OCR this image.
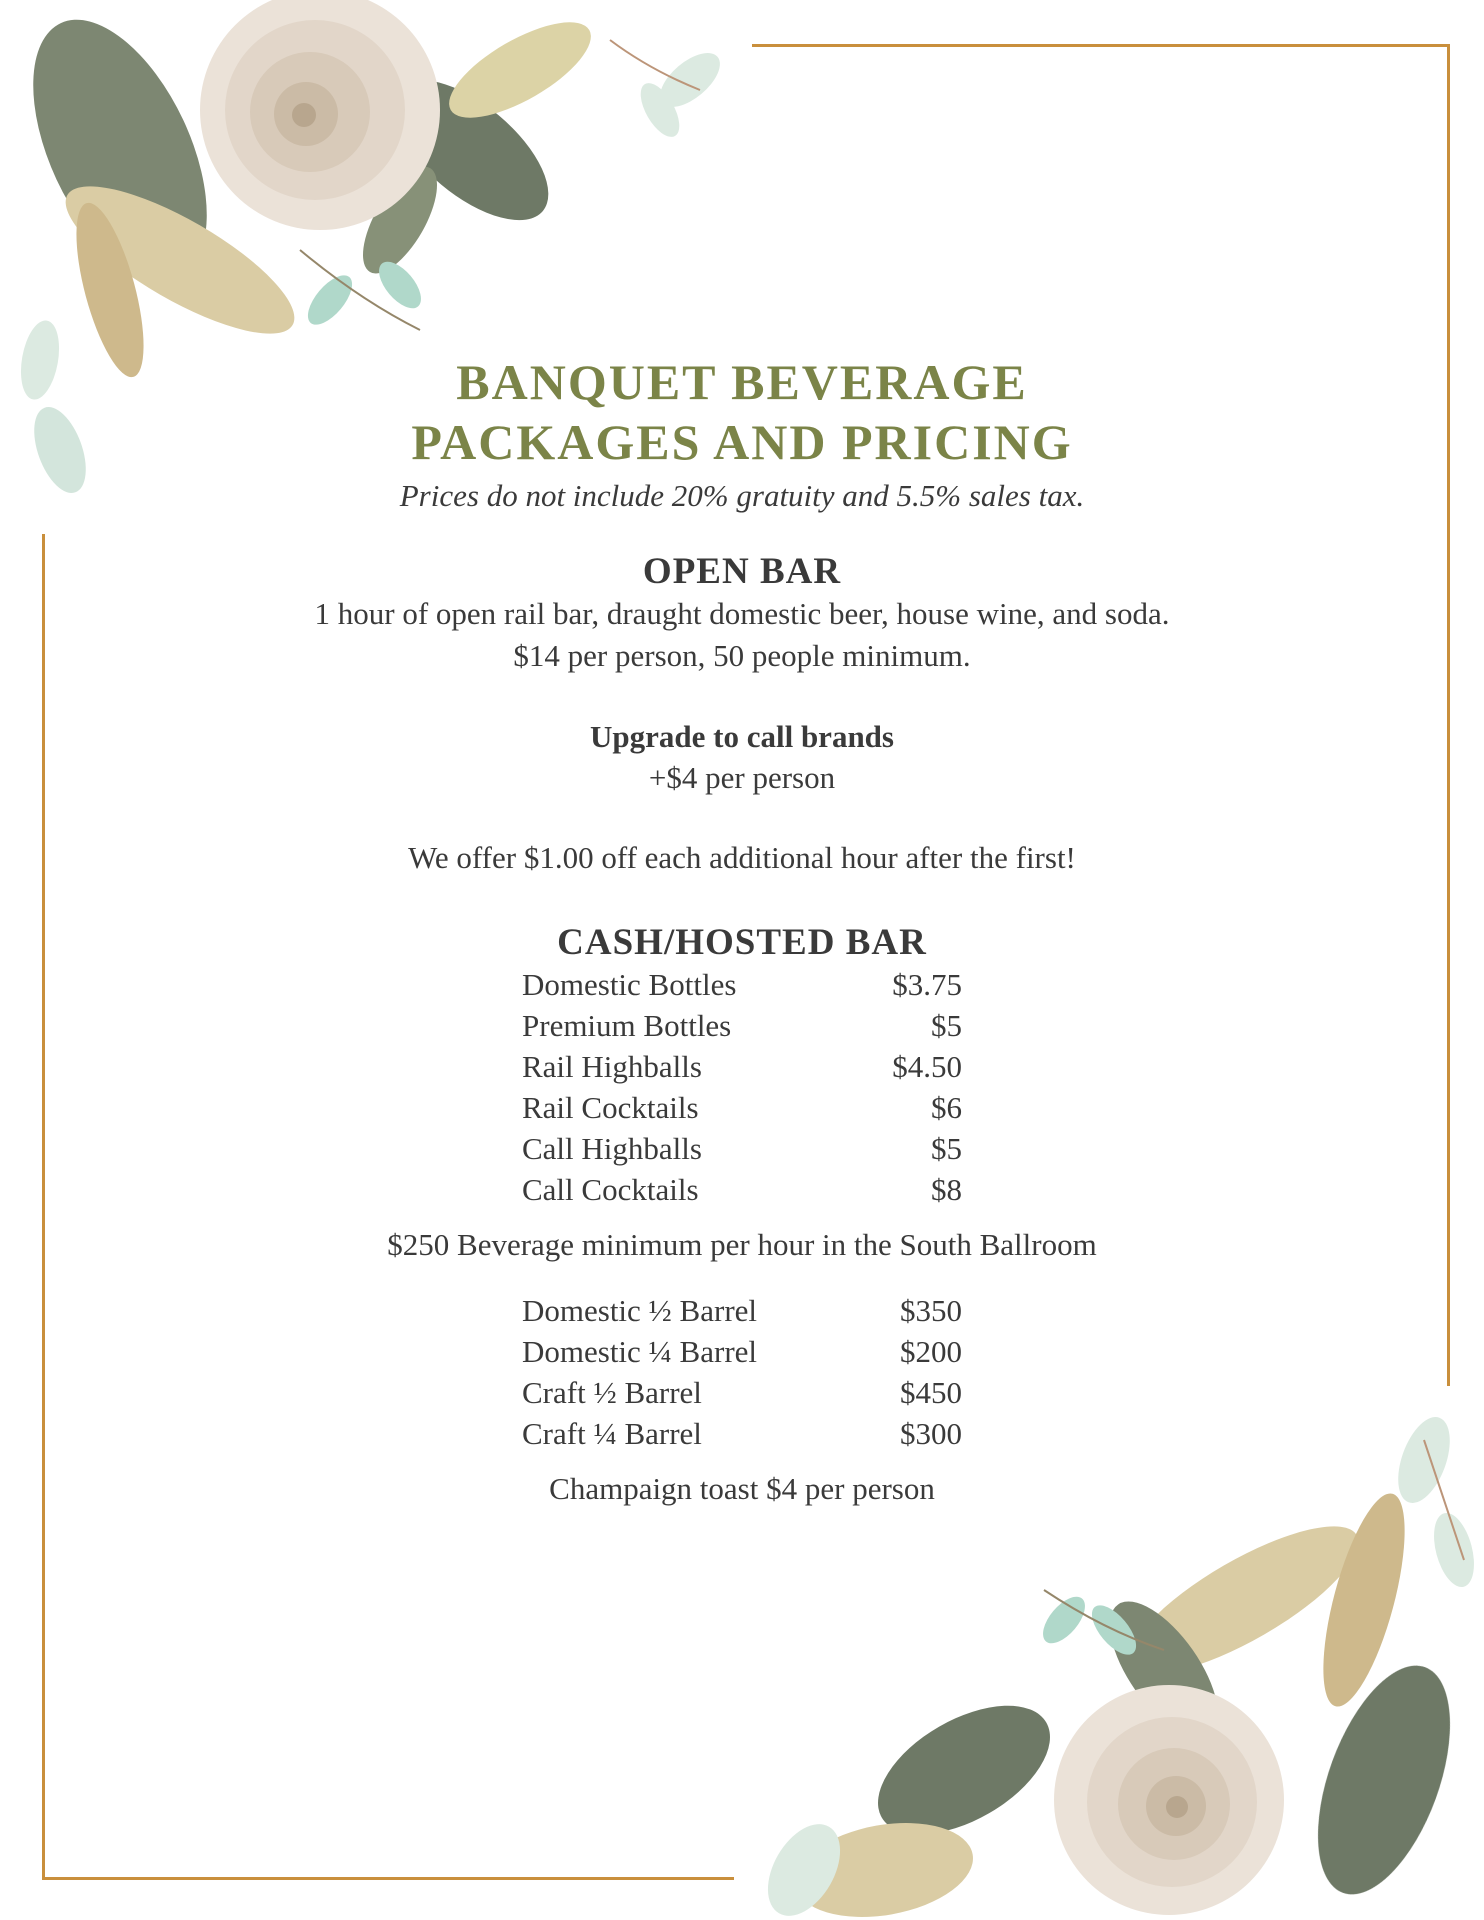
BANQUET BEVERAGE
PACKAGES AND PRICING
Prices do not include 20% gratuity and 5.5% sales tax.
OPEN BAR
1 hour of open rail bar, draught domestic beer, house wine, and soda.
$14 per person, 50 people minimum.
Upgrade to call brands
+$4 per person
We offer $1.00 off each additional hour after the first!
CASH/HOSTED BAR
Domestic Bottles	$3.75
Premium Bottles	$5
Rail Highballs	$4.50
Rail Cocktails	$6
Call Highballs	$5
Call Cocktails	$8
$250 Beverage minimum per hour in the South Ballroom
Domestic ½ Barrel	$350
Domestic ¼ Barrel	$200
Craft ½ Barrel	$450
Craft ¼ Barrel	$300
Champaign toast $4 per person
